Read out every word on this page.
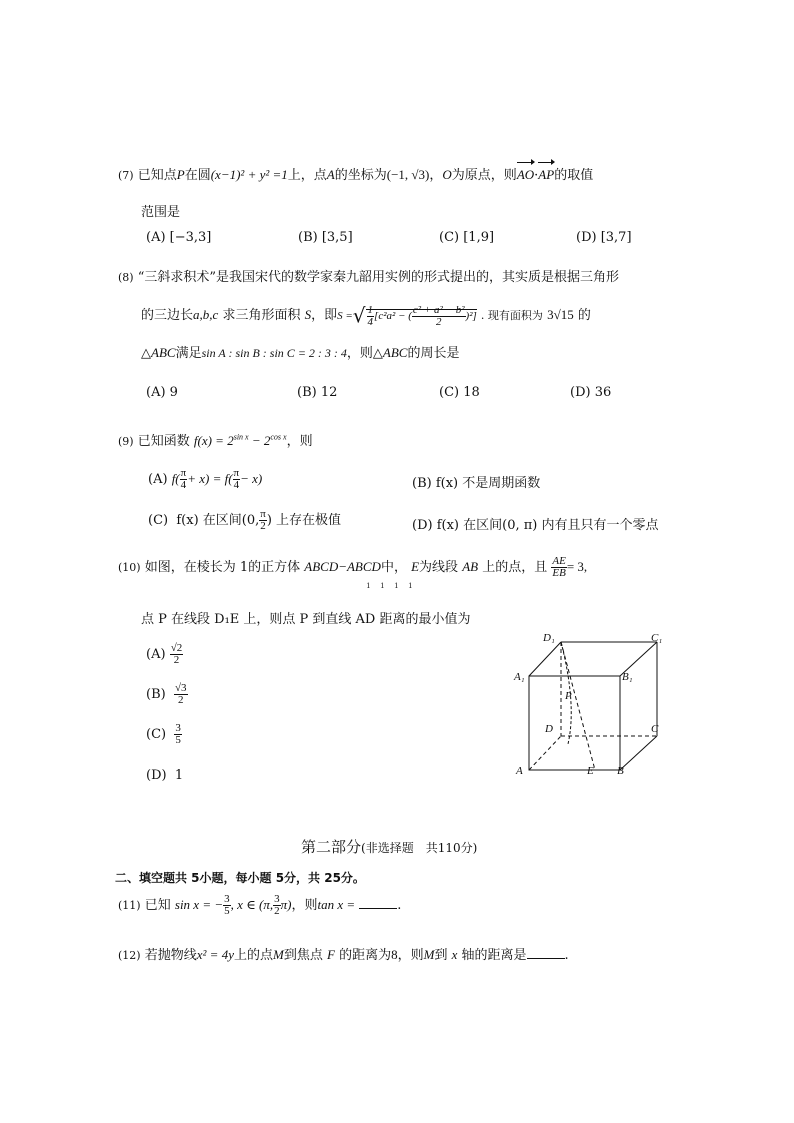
(7) 已知点P在圆(x−1)² + y² =1上，点A的坐标为(−1, √3)，O为原点，则AO·AP的取值
范围是
(A) [−3,3]	(B) [3,5]	(C) [1,9]	(D) [3,7]
(8) “三斜求积术”是我国宋代的数学家秦九韶用实例的形式提出的，其实质是根据三角形
的三边长a,b,c 求三角形面积 S，即S =√ $\frac{1}{4} [c^2a^2$ − ( $\frac{\text{c² + a² − b²}}{2} )^2$] . 现有面积为 3√15 的
△ABC满足sin A : sin B : sin C = 2 : 3 : 4，则△ABC的周长是
(A) 9	(B) 12	(C) 18	(D) 36
(9) 已知函数 $f(x) = 2^{sin x} - 2^{cos x}$，则
(A) $f( \frac{\pi}{4} + x) = f( \frac{\pi}{4} - x)$	(B) f(x) 不是周期函数
(C) f(x) 在区间(0, $\frac{\pi}{2}$ ) 上存在极值	(D) f(x) 在区间(0, π) 内有且只有一个零点
(10) 如图，在棱长为 1的正方体 ABCD−ABCD
1 1 1 1
中， E为线段 AB 上的点，且 $\frac{AE}{EB} = 3$,
点 P 在线段 D₁E 上，则点 P 到直线 AD 距离的最小值为
$(A) \frac{√2}{2}$
$(B) \frac{√3}{2}$
$(C) \frac{3}{5}$
(D) 1
D₁	C₁
A₁	B₁
P
D	C
A	E B
第二部分(非选择题　共110分)
二、填空题共 5小题，每小题 5分，共 25分。
(11) 已知 sin x = − $\frac{3}{5}$ , x ∈ (π, $\frac{3}{2} \pi$)，则tan x =	.
(12) 若抛物线x² = 4y上的点M到焦点 F 的距离为8，则M到 x 轴的距离是	.
